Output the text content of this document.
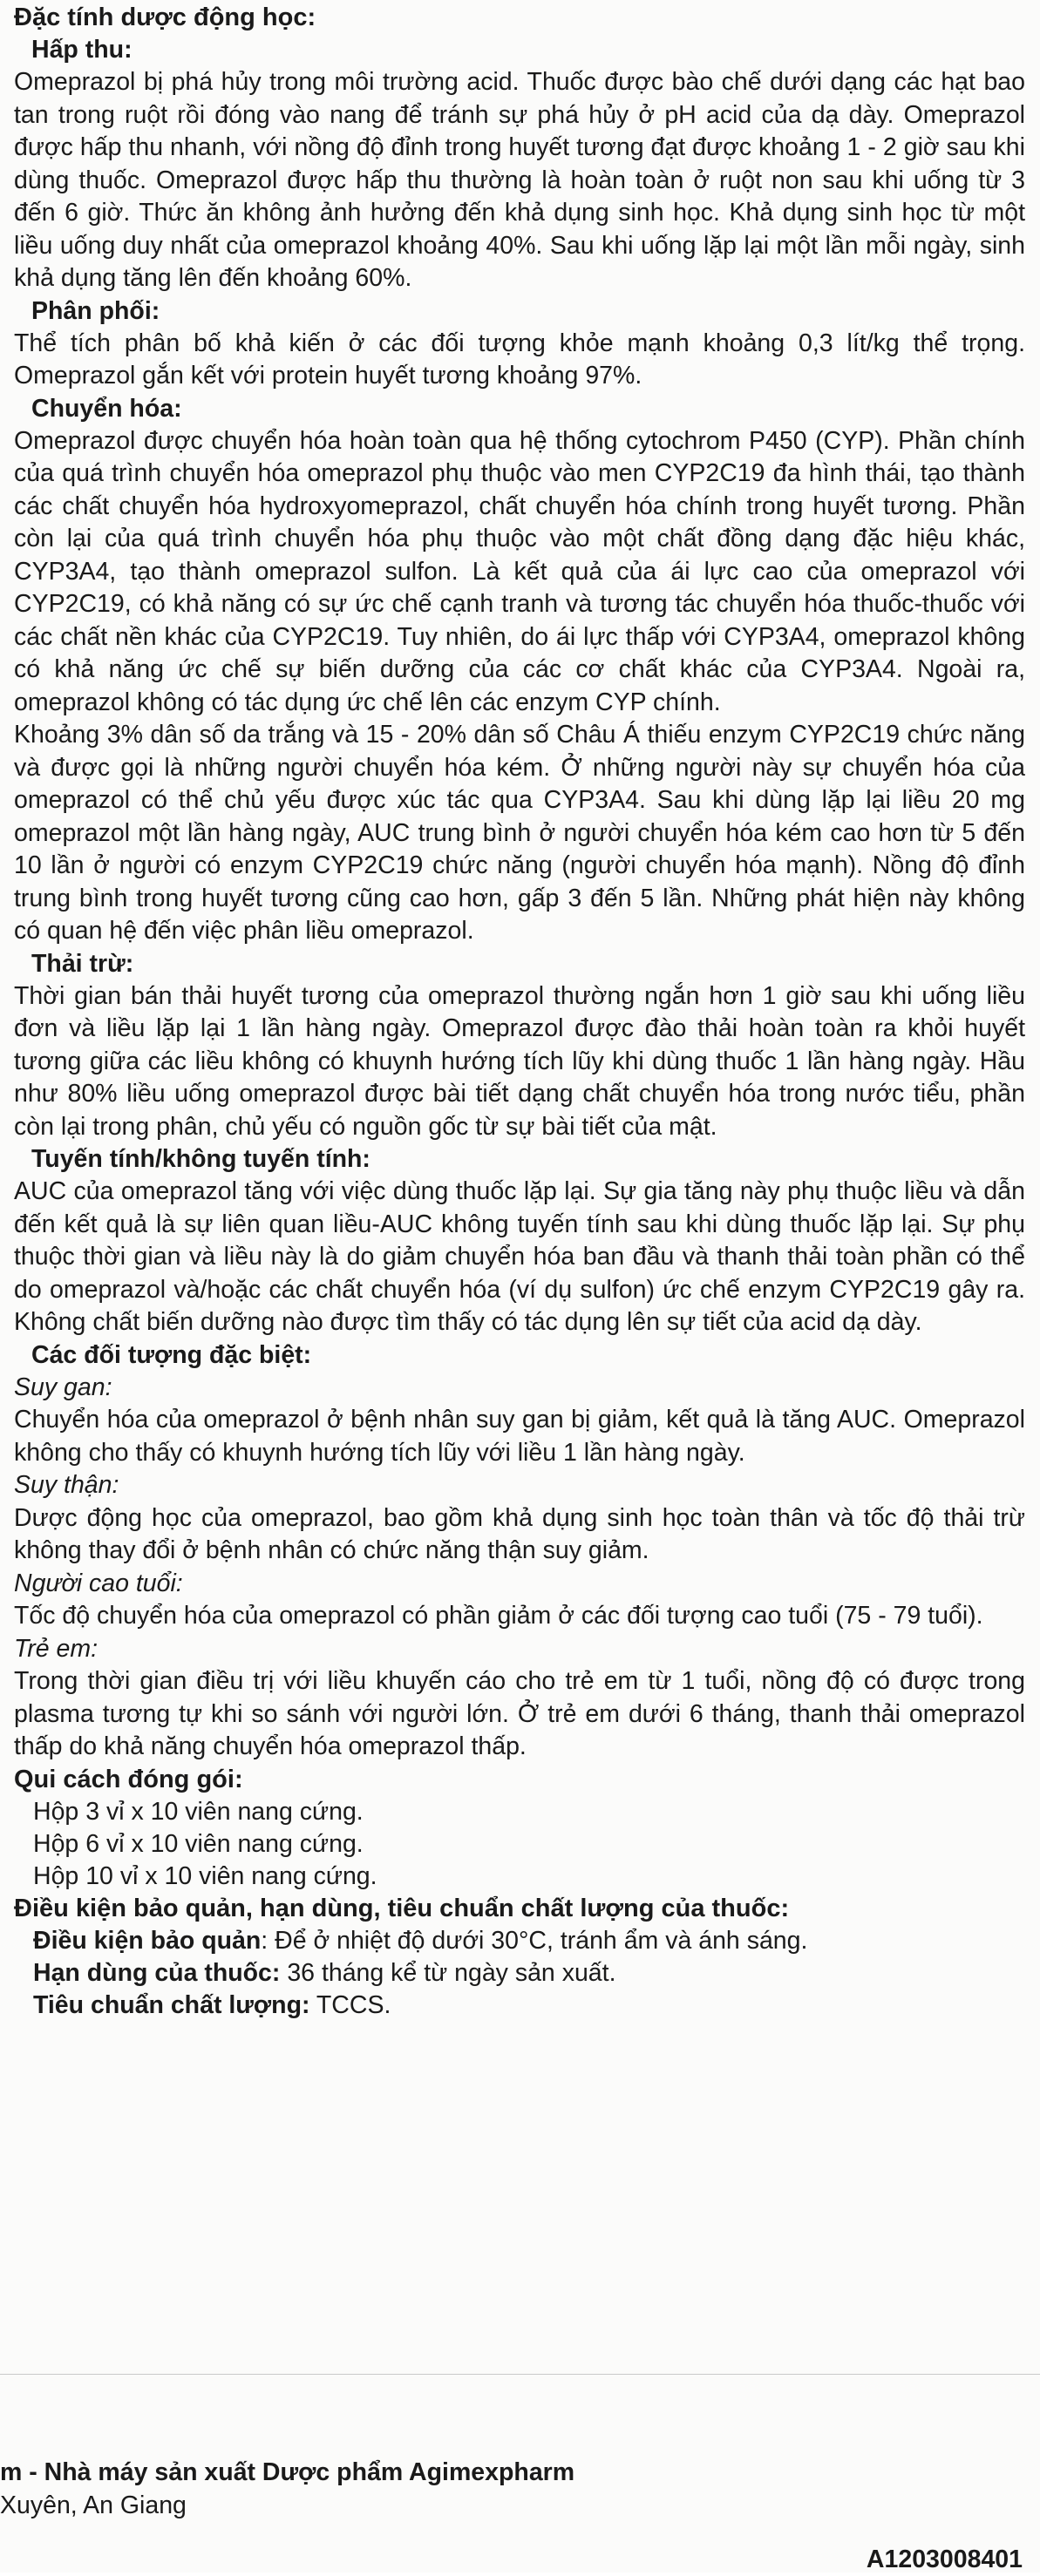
Đặc tính dược động học:
Hấp thu:

Omeprazol bị phá hủy trong môi trường acid. Thuốc được bào chế dưới dạng các hạt bao tan trong ruột rồi đóng vào nang để tránh sự phá hủy ở pH acid của dạ dày. Omeprazol được hấp thu nhanh, với nồng độ đỉnh trong huyết tương đạt được khoảng 1 - 2 giờ sau khi dùng thuốc. Omeprazol được hấp thu thường là hoàn toàn ở ruột non sau khi uống từ 3 đến 6 giờ. Thức ăn không ảnh hưởng đến khả dụng sinh học. Khả dụng sinh học từ một liều uống duy nhất của omeprazol khoảng 40%. Sau khi uống lặp lại một lần mỗi ngày, sinh khả dụng tăng lên đến khoảng 60%.

Phân phối:

Thể tích phân bố khả kiến ở các đối tượng khỏe mạnh khoảng 0,3 lít/kg thể trọng. Omeprazol gắn kết với protein huyết tương khoảng 97%.

Chuyển hóa:

Omeprazol được chuyển hóa hoàn toàn qua hệ thống cytochrom P450 (CYP). Phần chính của quá trình chuyển hóa omeprazol phụ thuộc vào men CYP2C19 đa hình thái, tạo thành các chất chuyển hóa hydroxyomeprazol, chất chuyển hóa chính trong huyết tương. Phần còn lại của quá trình chuyển hóa phụ thuộc vào một chất đồng dạng đặc hiệu khác, CYP3A4, tạo thành omeprazol sulfon. Là kết quả của ái lực cao của omeprazol với CYP2C19, có khả năng có sự ức chế cạnh tranh và tương tác chuyển hóa thuốc-thuốc với các chất nền khác của CYP2C19. Tuy nhiên, do ái lực thấp với CYP3A4, omeprazol không có khả năng ức chế sự biến dưỡng của các cơ chất khác của CYP3A4. Ngoài ra, omeprazol không có tác dụng ức chế lên các enzym CYP chính.

Khoảng 3% dân số da trắng và 15 - 20% dân số Châu Á thiếu enzym CYP2C19 chức năng và được gọi là những người chuyển hóa kém. Ở những người này sự chuyển hóa của omeprazol có thể chủ yếu được xúc tác qua CYP3A4. Sau khi dùng lặp lại liều 20 mg omeprazol một lần hàng ngày, AUC trung bình ở người chuyển hóa kém cao hơn từ 5 đến 10 lần ở người có enzym CYP2C19 chức năng (người chuyển hóa mạnh). Nồng độ đỉnh trung bình trong huyết tương cũng cao hơn, gấp 3 đến 5 lần. Những phát hiện này không có quan hệ đến việc phân liều omeprazol.

Thải trừ:

Thời gian bán thải huyết tương của omeprazol thường ngắn hơn 1 giờ sau khi uống liều đơn và liều lặp lại 1 lần hàng ngày. Omeprazol được đào thải hoàn toàn ra khỏi huyết tương giữa các liều không có khuynh hướng tích lũy khi dùng thuốc 1 lần hàng ngày. Hầu như 80% liều uống omeprazol được bài tiết dạng chất chuyển hóa trong nước tiểu, phần còn lại trong phân, chủ yếu có nguồn gốc từ sự bài tiết của mật.

Tuyến tính/không tuyến tính:

AUC của omeprazol tăng với việc dùng thuốc lặp lại. Sự gia tăng này phụ thuộc liều và dẫn đến kết quả là sự liên quan liều-AUC không tuyến tính sau khi dùng thuốc lặp lại. Sự phụ thuộc thời gian và liều này là do giảm chuyển hóa ban đầu và thanh thải toàn phần có thể do omeprazol và/hoặc các chất chuyển hóa (ví dụ sulfon) ức chế enzym CYP2C19 gây ra. Không chất biến dưỡng nào được tìm thấy có tác dụng lên sự tiết của acid dạ dày.

Các đối tượng đặc biệt:

Suy gan:

Chuyển hóa của omeprazol ở bệnh nhân suy gan bị giảm, kết quả là tăng AUC. Omeprazol không cho thấy có khuynh hướng tích lũy với liều 1 lần hàng ngày.

Suy thận:

Dược động học của omeprazol, bao gồm khả dụng sinh học toàn thân và tốc độ thải trừ không thay đổi ở bệnh nhân có chức năng thận suy giảm.

Người cao tuổi:

Tốc độ chuyển hóa của omeprazol có phần giảm ở các đối tượng cao tuổi (75 - 79 tuổi).

Trẻ em:

Trong thời gian điều trị với liều khuyến cáo cho trẻ em từ 1 tuổi, nồng độ có được trong plasma tương tự khi so sánh với người lớn. Ở trẻ em dưới 6 tháng, thanh thải omeprazol thấp do khả năng chuyển hóa omeprazol thấp.

Qui cách đóng gói:
Hộp 3 vỉ x 10 viên nang cứng.
Hộp 6 vỉ x 10 viên nang cứng.
Hộp 10 vỉ x 10 viên nang cứng.
Điều kiện bảo quản, hạn dùng, tiêu chuẩn chất lượng của thuốc:
Điều kiện bảo quản: Để ở nhiệt độ dưới 30°C, tránh ẩm và ánh sáng.
Hạn dùng của thuốc: 36 tháng kể từ ngày sản xuất.
Tiêu chuẩn chất lượng: TCCS.
m - Nhà máy sản xuất Dược phẩm Agimexpharm
Xuyên, An Giang
A1203008401
